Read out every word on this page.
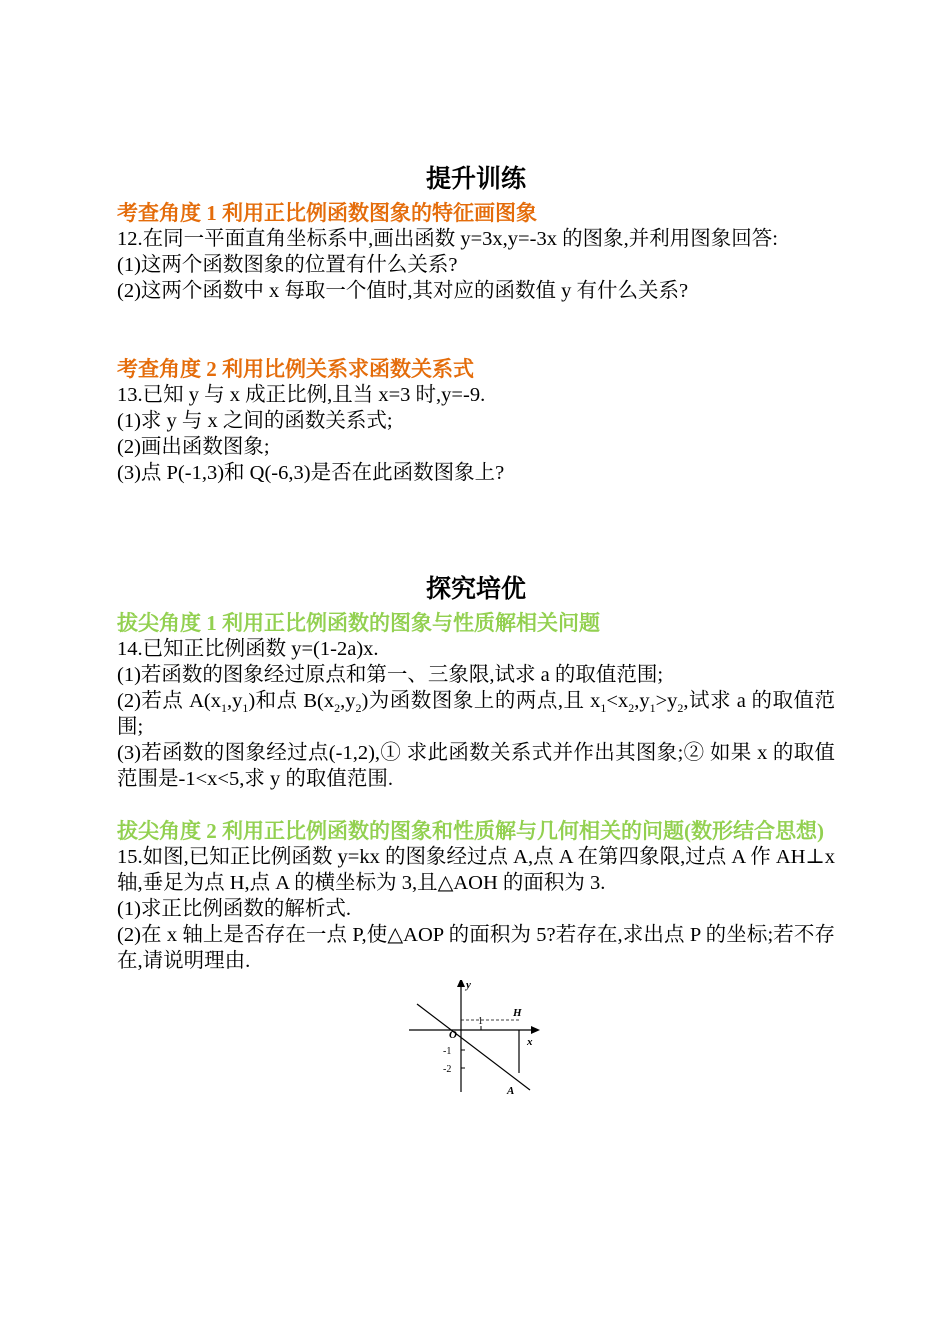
提升训练
考查角度 1 利用正比例函数图象的特征画图象

12.在同一平面直角坐标系中,画出函数 y=3x,y=-3x 的图象,并利用图象回答:

(1)这两个函数图象的位置有什么关系?

(2)这两个函数中 x 每取一个值时,其对应的函数值 y 有什么关系?

考查角度 2 利用比例关系求函数关系式

13.已知 y 与 x 成正比例,且当 x=3 时,y=-9.

(1)求 y 与 x 之间的函数关系式;

(2)画出函数图象;

(3)点 P(-1,3)和 Q(-6,3)是否在此函数图象上?

探究培优
拔尖角度 1 利用正比例函数的图象与性质解相关问题

14.已知正比例函数 y=(1-2a)x.

(1)若函数的图象经过原点和第一、三象限,试求 a 的取值范围;

(2)若点 $A(x_1,y_1)$和点 $B(x_2,y_2)$为函数图象上的两点,且 $x_1<x_2,y_1>y_2$,试求 a 的取值范围;

(3)若函数的图象经过点(-1,2),① 求此函数关系式并作出其图象;② 如果 x 的取值范围是-1<x<5,求 y 的取值范围.

拔尖角度 2 利用正比例函数的图象和性质解与几何相关的问题(数形结合思想)

15.如图,已知正比例函数 y=kx 的图象经过点 A,点 A 在第四象限,过点 A 作 AH⊥x 轴,垂足为点 H,点 A 的横坐标为 3,且△AOH 的面积为 3.

(1)求正比例函数的解析式.

(2)在 x 轴上是否存在一点 P,使△AOP 的面积为 5?若存在,求出点 P 的坐标;若不存在,请说明理由.

y
x
O
1
-1
-2
H
A
